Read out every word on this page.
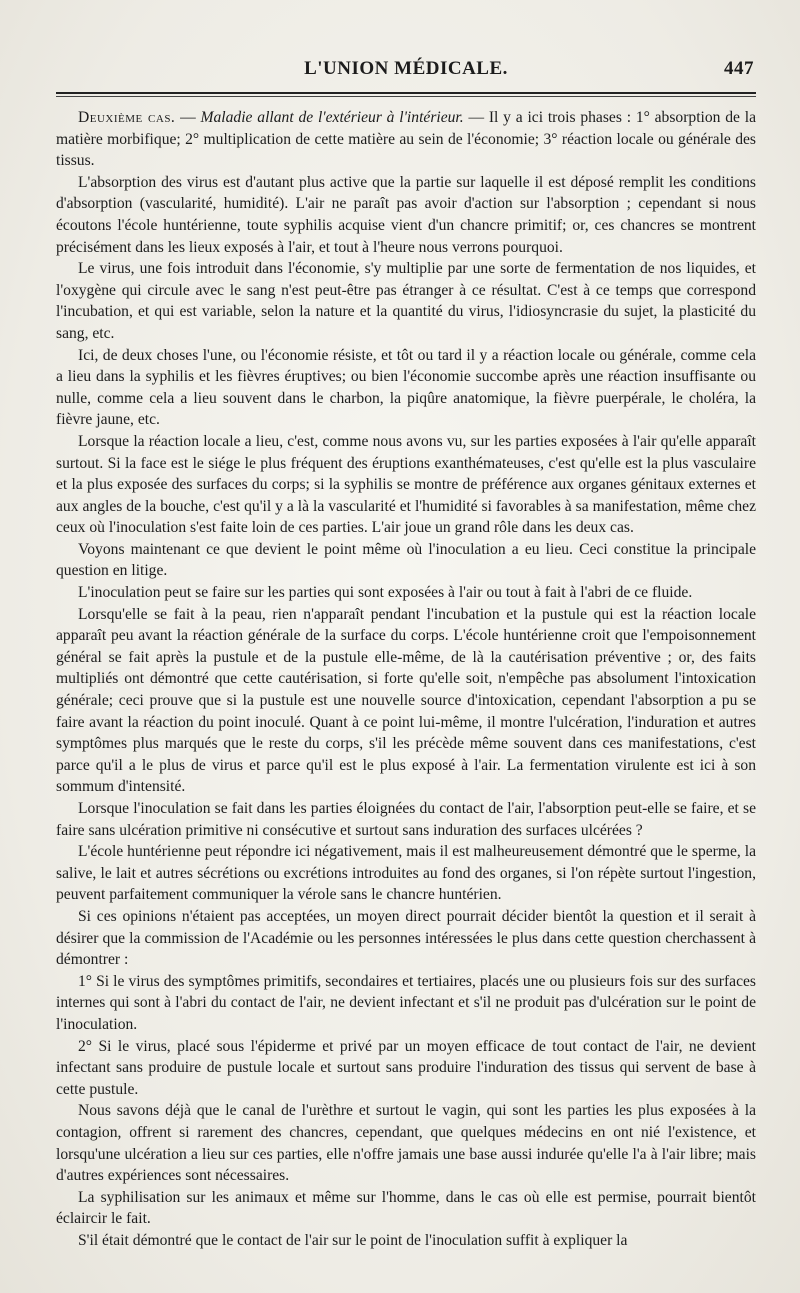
L'UNION MÉDICALE.	447

Deuxième cas. — Maladie allant de l'extérieur à l'intérieur. — Il y a ici trois phases : 1° absorption de la matière morbifique; 2° multiplication de cette matière au sein de l'économie; 3° réaction locale ou générale des tissus.

L'absorption des virus est d'autant plus active que la partie sur laquelle il est déposé remplit les conditions d'absorption (vascularité, humidité). L'air ne paraît pas avoir d'action sur l'absorption ; cependant si nous écoutons l'école huntérienne, toute syphilis acquise vient d'un chancre primitif; or, ces chancres se montrent précisément dans les lieux exposés à l'air, et tout à l'heure nous verrons pourquoi.

Le virus, une fois introduit dans l'économie, s'y multiplie par une sorte de fermentation de nos liquides, et l'oxygène qui circule avec le sang n'est peut-être pas étranger à ce résultat. C'est à ce temps que correspond l'incubation, et qui est variable, selon la nature et la quantité du virus, l'idiosyncrasie du sujet, la plasticité du sang, etc.

Ici, de deux choses l'une, ou l'économie résiste, et tôt ou tard il y a réaction locale ou générale, comme cela a lieu dans la syphilis et les fièvres éruptives; ou bien l'économie succombe après une réaction insuffisante ou nulle, comme cela a lieu souvent dans le charbon, la piqûre anatomique, la fièvre puerpérale, le choléra, la fièvre jaune, etc.

Lorsque la réaction locale a lieu, c'est, comme nous avons vu, sur les parties exposées à l'air qu'elle apparaît surtout. Si la face est le siége le plus fréquent des éruptions exanthémateuses, c'est qu'elle est la plus vasculaire et la plus exposée des surfaces du corps; si la syphilis se montre de préférence aux organes génitaux externes et aux angles de la bouche, c'est qu'il y a là la vascularité et l'humidité si favorables à sa manifestation, même chez ceux où l'inoculation s'est faite loin de ces parties. L'air joue un grand rôle dans les deux cas.

Voyons maintenant ce que devient le point même où l'inoculation a eu lieu. Ceci constitue la principale question en litige.

L'inoculation peut se faire sur les parties qui sont exposées à l'air ou tout à fait à l'abri de ce fluide.

Lorsqu'elle se fait à la peau, rien n'apparaît pendant l'incubation et la pustule qui est la réaction locale apparaît peu avant la réaction générale de la surface du corps. L'école huntérienne croit que l'empoisonnement général se fait après la pustule et de la pustule elle-même, de là la cautérisation préventive ; or, des faits multipliés ont démontré que cette cautérisation, si forte qu'elle soit, n'empêche pas absolument l'intoxication générale; ceci prouve que si la pustule est une nouvelle source d'intoxication, cependant l'absorption a pu se faire avant la réaction du point inoculé. Quant à ce point lui-même, il montre l'ulcération, l'induration et autres symptômes plus marqués que le reste du corps, s'il les précède même souvent dans ces manifestations, c'est parce qu'il a le plus de virus et parce qu'il est le plus exposé à l'air. La fermentation virulente est ici à son sommum d'intensité.

Lorsque l'inoculation se fait dans les parties éloignées du contact de l'air, l'absorption peut-elle se faire, et se faire sans ulcération primitive ni consécutive et surtout sans induration des surfaces ulcérées ?

L'école huntérienne peut répondre ici négativement, mais il est malheureusement démontré que le sperme, la salive, le lait et autres sécrétions ou excrétions introduites au fond des organes, si l'on répète surtout l'ingestion, peuvent parfaitement communiquer la vérole sans le chancre huntérien.

Si ces opinions n'étaient pas acceptées, un moyen direct pourrait décider bientôt la question et il serait à désirer que la commission de l'Académie ou les personnes intéressées le plus dans cette question cherchassent à démontrer :

1° Si le virus des symptômes primitifs, secondaires et tertiaires, placés une ou plusieurs fois sur des surfaces internes qui sont à l'abri du contact de l'air, ne devient infectant et s'il ne produit pas d'ulcération sur le point de l'inoculation.

2° Si le virus, placé sous l'épiderme et privé par un moyen efficace de tout contact de l'air, ne devient infectant sans produire de pustule locale et surtout sans produire l'induration des tissus qui servent de base à cette pustule.

Nous savons déjà que le canal de l'urèthre et surtout le vagin, qui sont les parties les plus exposées à la contagion, offrent si rarement des chancres, cependant, que quelques médecins en ont nié l'existence, et lorsqu'une ulcération a lieu sur ces parties, elle n'offre jamais une base aussi indurée qu'elle l'a à l'air libre; mais d'autres expériences sont nécessaires.

La syphilisation sur les animaux et même sur l'homme, dans le cas où elle est permise, pourrait bientôt éclaircir le fait.

S'il était démontré que le contact de l'air sur le point de l'inoculation suffit à expliquer la
